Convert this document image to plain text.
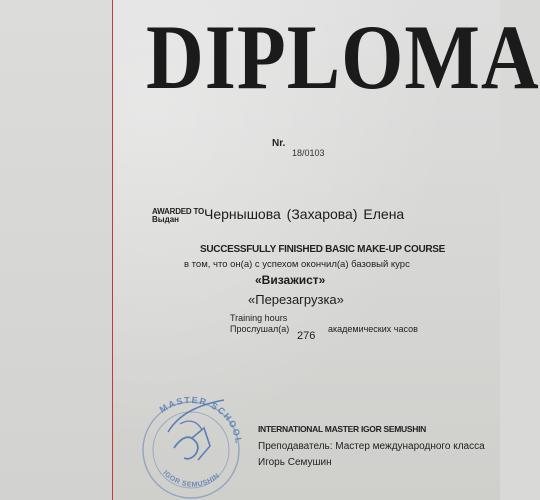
DIPLOMA
Nr.
18/0103
AWARDED TO
Выдан Чернышова (Захарова) Елена
SUCCESSFULLY FINISHED BASIC MAKE-UP COURSE
в том, что он(а) с успехом окончил(а) базовый курс
«Визажист»
«Перезагрузка»
Training hours
Прослушал(а)
276
академических часов
MASTER SCHOOL
IGOR SEMUSHIN
INTERNATIONAL MASTER IGOR SEMUSHIN
Преподаватель: Мастер международного класса
Игорь Семушин
